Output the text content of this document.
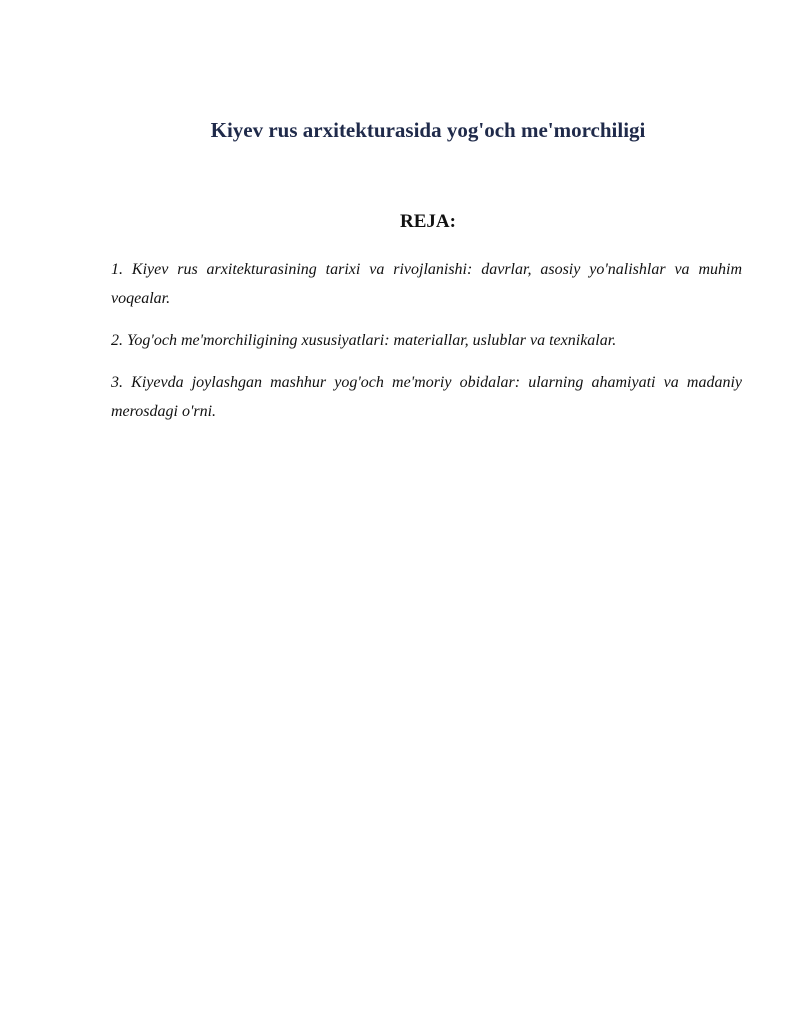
Kiyev rus arxitekturasida yog'och me'morchiligi
REJA:
1. Kiyev rus arxitekturasining tarixi va rivojlanishi: davrlar, asosiy yo'nalishlar va muhim voqealar.
2. Yog'och me'morchiligining xususiyatlari: materiallar, uslublar va texnikalar.
3. Kiyevda joylashgan mashhur yog'och me'moriy obidalar: ularning ahamiyati va madaniy merosdagi o'rni.
